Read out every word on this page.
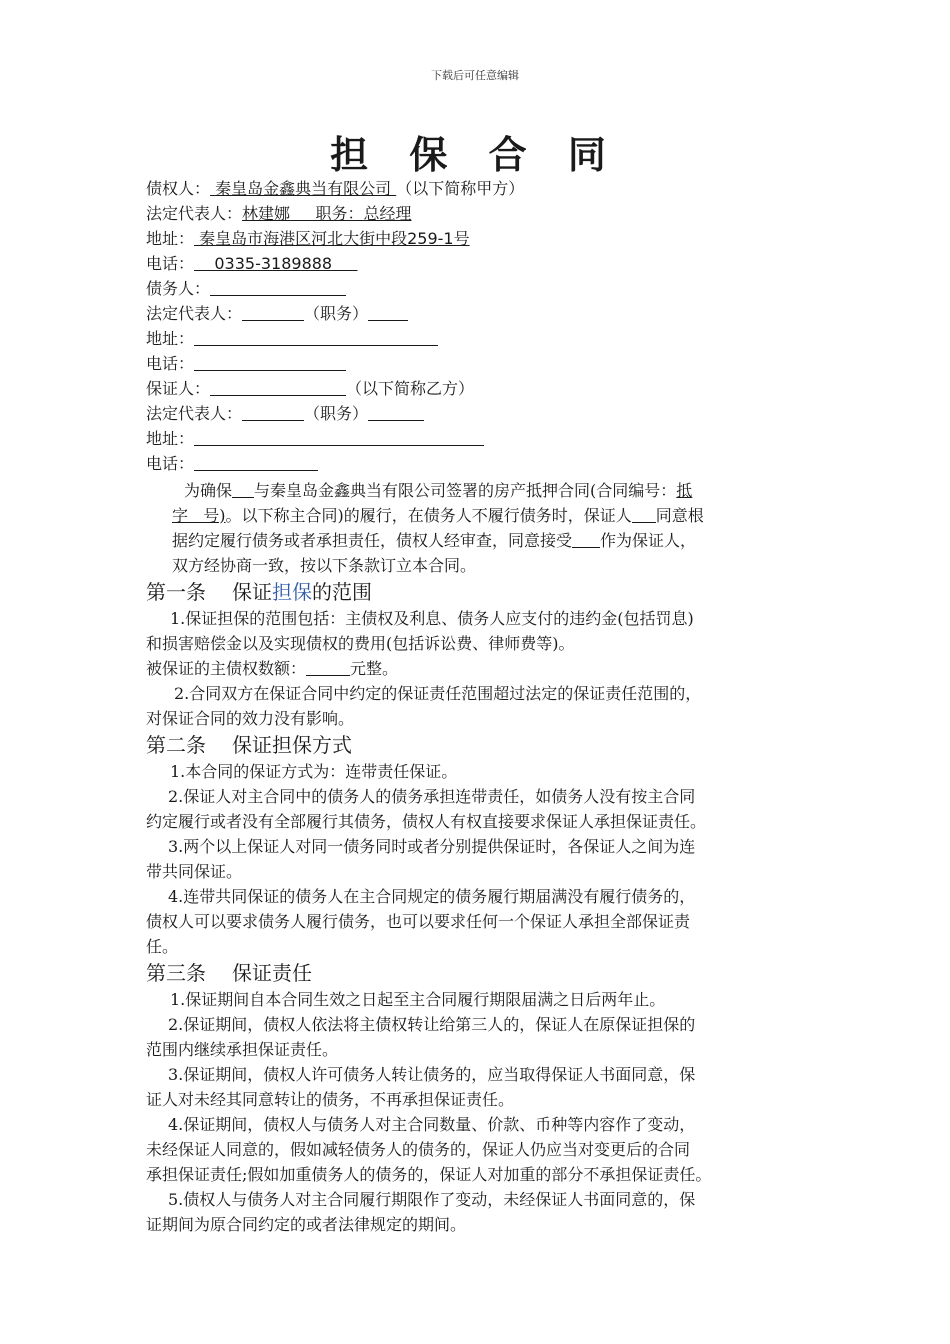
下载后可任意编辑
担 保 合 同
债权人： 秦皇岛金鑫典当有限公司 （以下简称甲方）
法定代表人：林建娜     职务：总经理
地址： 秦皇岛市海港区河北大街中段259-1号
电话：    0335-3189888
债务人：
法定代表人：	（职务）
地址：
电话：
保证人：	（以下简称乙方）
法定代表人：	（职务）
地址：
电话：

为确保 与秦皇岛金鑫典当有限公司签署的房产抵押合同(合同编号：抵

字   号)。以下称主合同)的履行，在债务人不履行债务时，保证人 同意根

据约定履行债务或者承担责任，债权人经审查，同意接受 作为保证人，

双方经协商一致，按以下条款订立本合同。

第一条 保证担保的范围

1.保证担保的范围包括：主债权及利息、债务人应支付的违约金(包括罚息)

和损害赔偿金以及实现债权的费用(包括诉讼费、律师费等)。

被保证的主债权数额：	元整。

2.合同双方在保证合同中约定的保证责任范围超过法定的保证责任范围的，

对保证合同的效力没有影响。

第二条 保证担保方式

1.本合同的保证方式为：连带责任保证。

2.保证人对主合同中的债务人的债务承担连带责任，如债务人没有按主合同

约定履行或者没有全部履行其债务，债权人有权直接要求保证人承担保证责任。

3.两个以上保证人对同一债务同时或者分别提供保证时，各保证人之间为连

带共同保证。

4.连带共同保证的债务人在主合同规定的债务履行期届满没有履行债务的，

债权人可以要求债务人履行债务，也可以要求任何一个保证人承担全部保证责

任。

第三条 保证责任

1.保证期间自本合同生效之日起至主合同履行期限届满之日后两年止。

2.保证期间，债权人依法将主债权转让给第三人的，保证人在原保证担保的

范围内继续承担保证责任。

3.保证期间，债权人许可债务人转让债务的，应当取得保证人书面同意，保

证人对未经其同意转让的债务，不再承担保证责任。

4.保证期间，债权人与债务人对主合同数量、价款、币种等内容作了变动，

未经保证人同意的，假如减轻债务人的债务的，保证人仍应当对变更后的合同

承担保证责任;假如加重债务人的债务的，保证人对加重的部分不承担保证责任。

5.债权人与债务人对主合同履行期限作了变动，未经保证人书面同意的，保

证期间为原合同约定的或者法律规定的期间。
